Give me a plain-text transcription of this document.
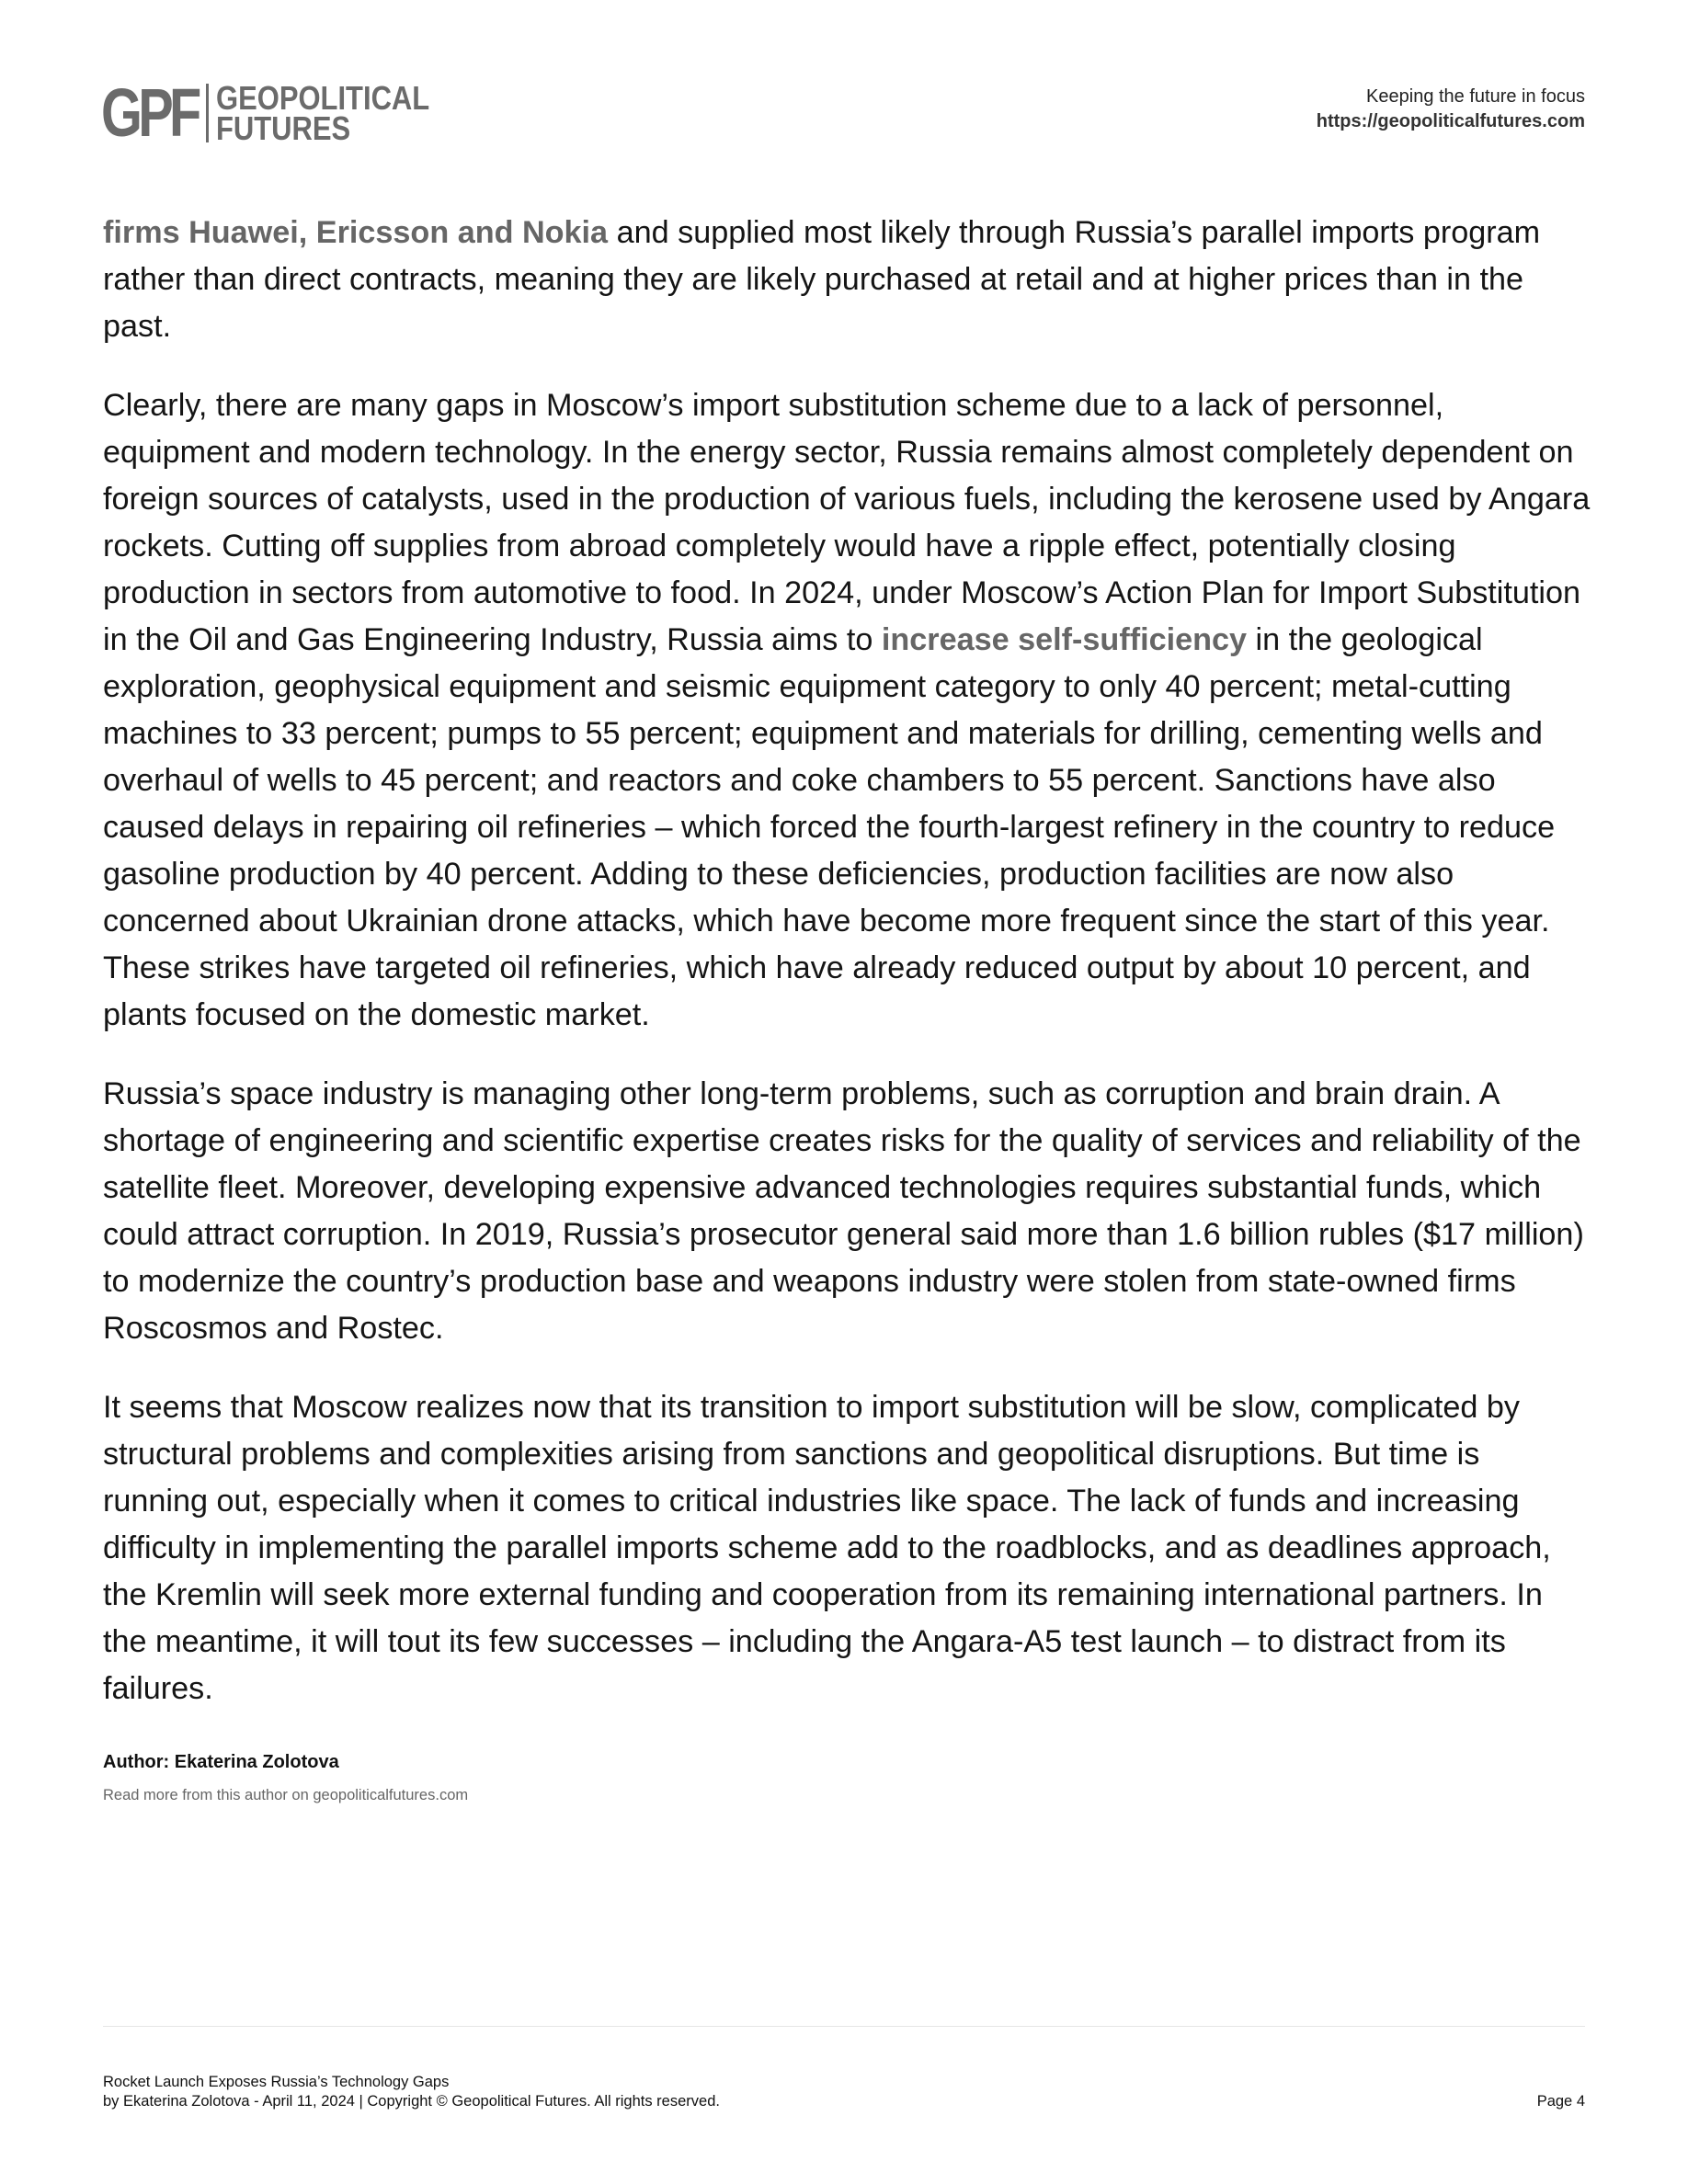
GPF GEOPOLITICAL
FUTURES
Keeping the future in focus
https://geopoliticalfutures.com

firms Huawei, Ericsson and Nokia and supplied most likely through Russia’s parallel imports program rather than direct contracts, meaning they are likely purchased at retail and at higher prices than in the past.

Clearly, there are many gaps in Moscow’s import substitution scheme due to a lack of personnel, equipment and modern technology. In the energy sector, Russia remains almost completely dependent on foreign sources of catalysts, used in the production of various fuels, including the kerosene used by Angara rockets. Cutting off supplies from abroad completely would have a ripple effect, potentially closing production in sectors from automotive to food. In 2024, under Moscow’s Action Plan for Import Substitution in the Oil and Gas Engineering Industry, Russia aims to increase self-sufficiency in the geological exploration, geophysical equipment and seismic equipment category to only 40 percent; metal-cutting machines to 33 percent; pumps to 55 percent; equipment and materials for drilling, cementing wells and overhaul of wells to 45 percent; and reactors and coke chambers to 55 percent. Sanctions have also caused delays in repairing oil refineries – which forced the fourth-largest refinery in the country to reduce gasoline production by 40 percent. Adding to these deficiencies, production facilities are now also concerned about Ukrainian drone attacks, which have become more frequent since the start of this year. These strikes have targeted oil refineries, which have already reduced output by about 10 percent, and plants focused on the domestic market.

Russia’s space industry is managing other long-term problems, such as corruption and brain drain. A shortage of engineering and scientific expertise creates risks for the quality of services and reliability of the satellite fleet. Moreover, developing expensive advanced technologies requires substantial funds, which could attract corruption. In 2019, Russia’s prosecutor general said more than 1.6 billion rubles ($17 million) to modernize the country’s production base and weapons industry were stolen from state-owned firms Roscosmos and Rostec.

It seems that Moscow realizes now that its transition to import substitution will be slow, complicated by structural problems and complexities arising from sanctions and geopolitical disruptions. But time is running out, especially when it comes to critical industries like space. The lack of funds and increasing difficulty in implementing the parallel imports scheme add to the roadblocks, and as deadlines approach, the Kremlin will seek more external funding and cooperation from its remaining international partners. In the meantime, it will tout its few successes – including the Angara-A5 test launch – to distract from its failures.

Author: Ekaterina Zolotova
Read more from this author on geopoliticalfutures.com
Rocket Launch Exposes Russia’s Technology Gaps
by Ekaterina Zolotova - April 11, 2024 | Copyright © Geopolitical Futures. All rights reserved.	Page 4
